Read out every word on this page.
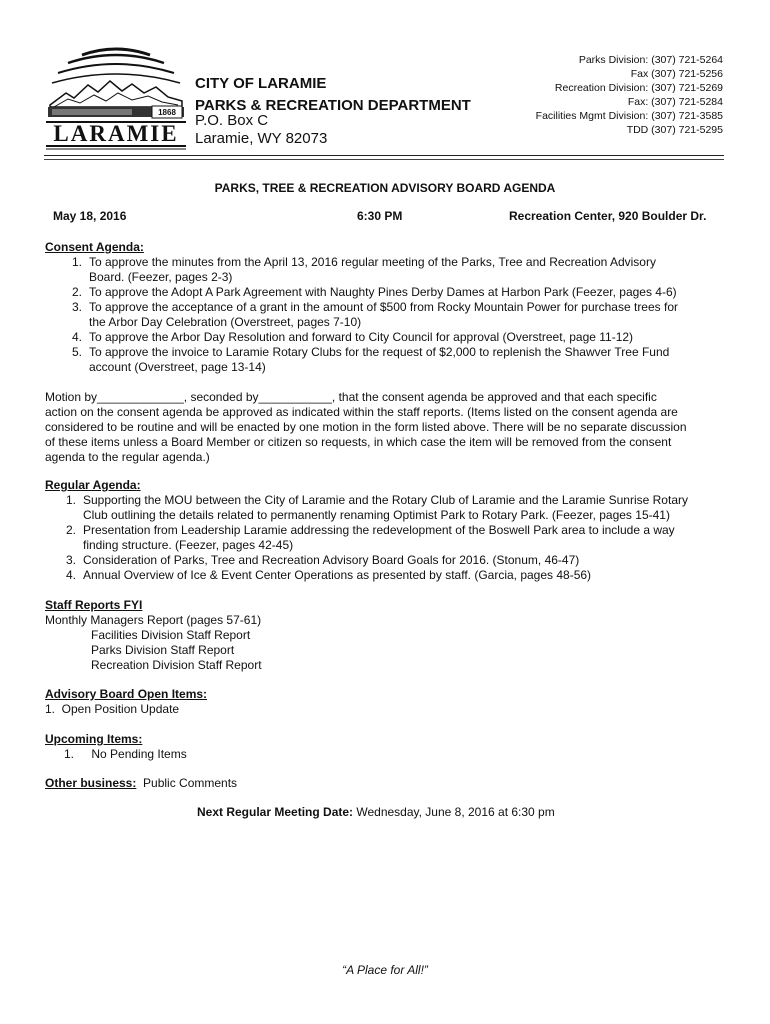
1868
LARAMIE
CITY OF LARAMIE
PARKS & RECREATION DEPARTMENT
P.O. Box C
Laramie, WY 82073
Parks Division: (307) 721-5264
Fax (307) 721-5256
Recreation Division: (307) 721-5269
Fax: (307) 721-5284
Facilities Mgmt Division: (307) 721-3585
TDD (307) 721-5295
PARKS, TREE & RECREATION ADVISORY BOARD AGENDA
May 18, 2016	6:30 PM	Recreation Center, 920 Boulder Dr.
Consent Agenda:
1. To approve the minutes from the April 13, 2016 regular meeting of the Parks, Tree and Recreation Advisory
Board. (Feezer, pages 2-3)
2. To approve the Adopt A Park Agreement with Naughty Pines Derby Dames at Harbon Park (Feezer, pages 4-6)
3. To approve the acceptance of a grant in the amount of $500 from Rocky Mountain Power for purchase trees for
the Arbor Day Celebration (Overstreet, pages 7-10)
4. To approve the Arbor Day Resolution and forward to City Council for approval (Overstreet, page 11-12)
5. To approve the invoice to Laramie Rotary Clubs for the request of $2,000 to replenish the Shawver Tree Fund
account (Overstreet, page 13-14)
Motion by_____________, seconded by___________, that the consent agenda be approved and that each specific
action on the consent agenda be approved as indicated within the staff reports. (Items listed on the consent agenda are
considered to be routine and will be enacted by one motion in the form listed above. There will be no separate discussion
of these items unless a Board Member or citizen so requests, in which case the item will be removed from the consent
agenda to the regular agenda.)
Regular Agenda:
1. Supporting the MOU between the City of Laramie and the Rotary Club of Laramie and the Laramie Sunrise Rotary
Club outlining the details related to permanently renaming Optimist Park to Rotary Park. (Feezer, pages 15-41)
2. Presentation from Leadership Laramie addressing the redevelopment of the Boswell Park area to include a way
finding structure. (Feezer, pages 42-45)
3. Consideration of Parks, Tree and Recreation Advisory Board Goals for 2016. (Stonum, 46-47)
4. Annual Overview of Ice & Event Center Operations as presented by staff. (Garcia, pages 48-56)
Staff Reports FYI
Monthly Managers Report (pages 57-61)
Facilities Division Staff Report
Parks Division Staff Report
Recreation Division Staff Report
Advisory Board Open Items:
1.  Open Position Update
Upcoming Items:
1. No Pending Items
Other business:  Public Comments
Next Regular Meeting Date: Wednesday, June 8, 2016 at 6:30 pm
“A Place for All!”
